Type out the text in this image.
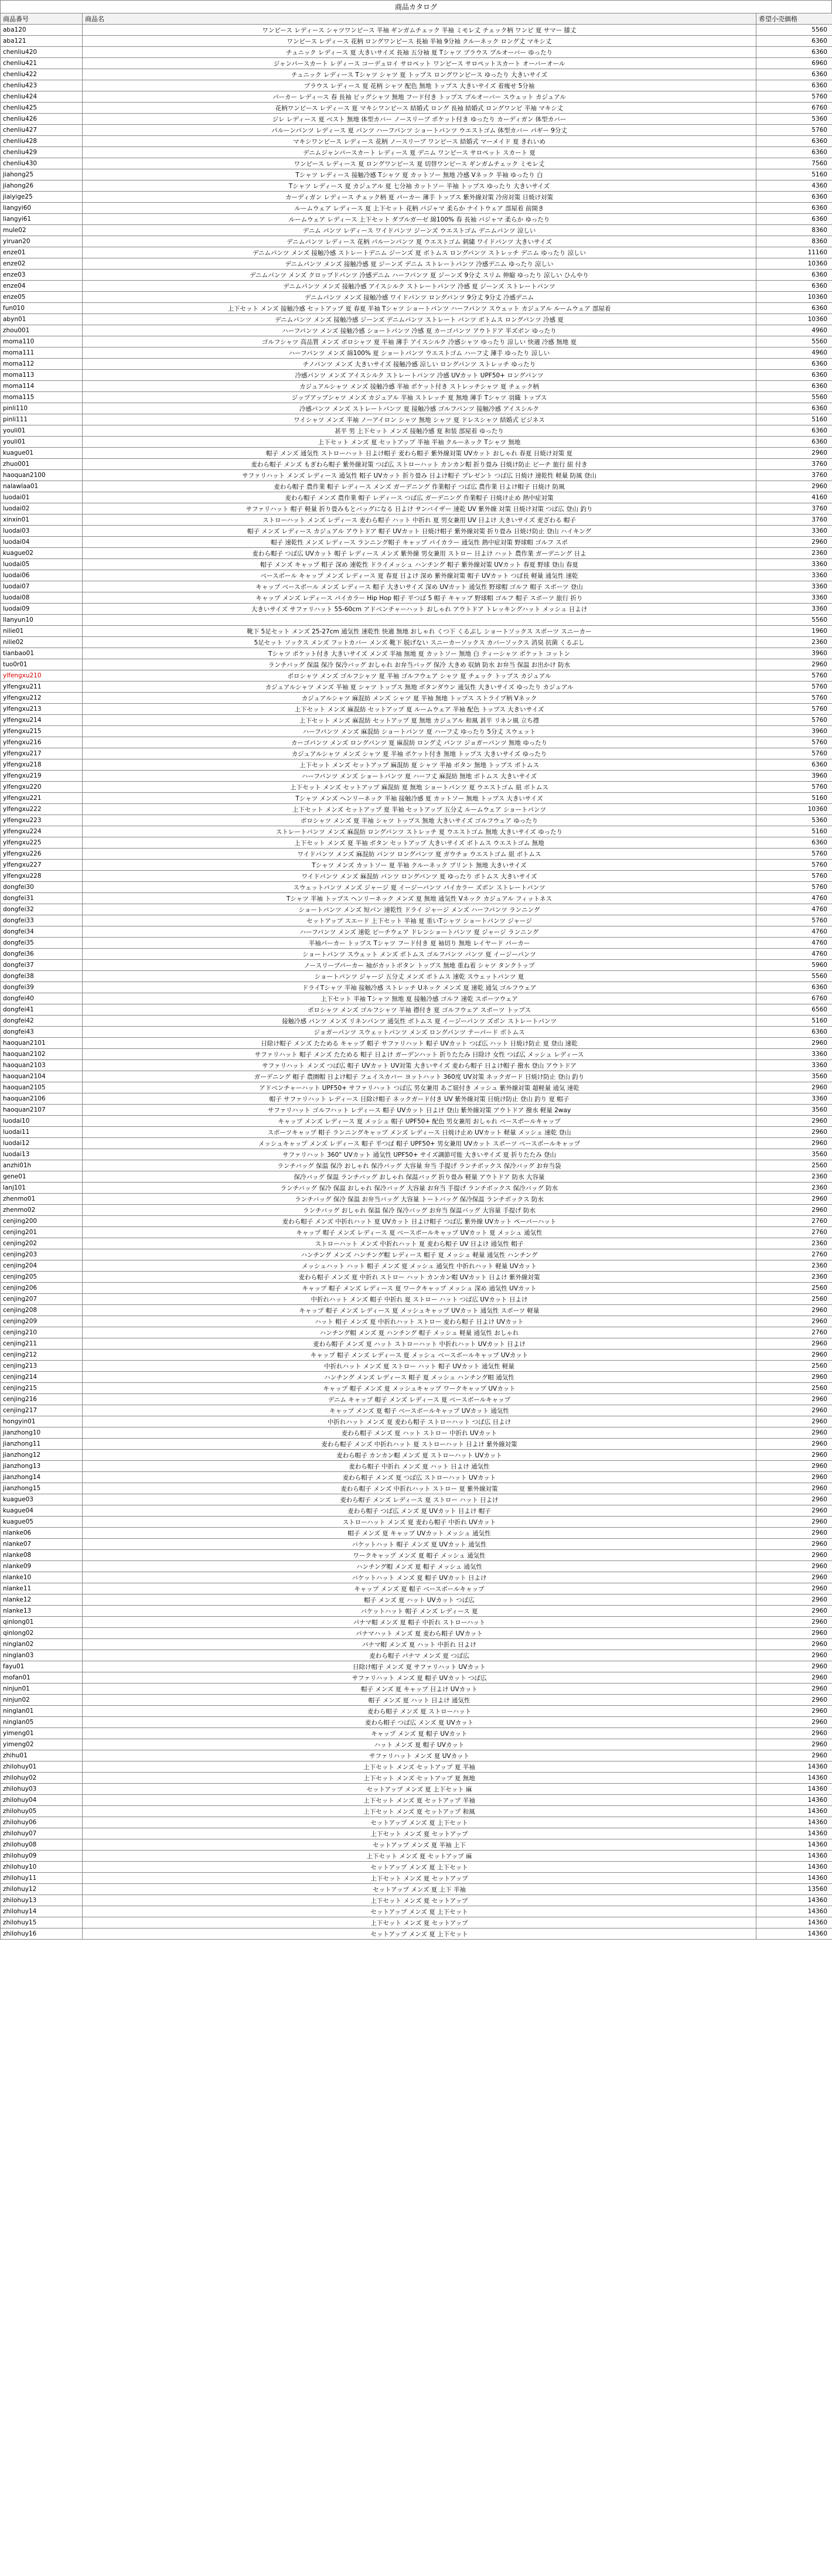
商品カタログ
商品番号	商品名	希望小売価格
aba120	ワンピース レディース シャツワンピース 半袖 ギンガムチェック 半袖 ミモレ丈 チェック柄 ワンピ 夏 サマー 膝丈	5560
aba121	ワンピース レディース 花柄 ロングワンピース 長袖 半袖 9分袖 クルーネック ロング丈 マキシ丈	6360
chenliu420	チュニック レディース 夏 大きいサイズ 長袖 五分袖 夏 Tシャツ ブラウス プルオーバー ゆったり	6360
chenliu421	ジャンパースカート レディース コーデュロイ サロペット ワンピース サロペットスカート オーバーオール	6960
chenliu422	チュニック レディース Tシャツ シャツ 夏 トップス ロングワンピース ゆったり 大きいサイズ	6360
chenliu423	ブラウス レディース 夏 花柄 シャツ 配色 無地 トップス 大きいサイズ 着痩せ 5分袖	6360
chenliu424	パーカー レディース 春 長袖 ビッグシャツ 無地 フード付き トップス プルオーバー スウェット カジュアル	5760
chenliu425	花柄ワンピース レディース 夏 マキシワンピース 結婚式 ロング 長袖 結婚式 ロングワンピ 半袖 マキシ丈	6760
chenliu426	ジレ レディース 夏 ベスト 無地 体型カバー ノースリーブ ポケット付き ゆったり カーディガン 体型カバー	5360
chenliu427	パルーンパンツ レディース 夏 パンツ ハーフパンツ ショートパンツ ウエストゴム 体型カバー パギー 9分丈	5760
chenliu428	マキシワンピース レディース 花柄 ノースリーブ ワンピース 結婚式 マーメイド 夏 きれいめ	6360
chenliu429	デニムジャンパースカート レディース 夏 デニム ワンピース サロペット スカート 夏	6360
chenliu430	ワンピース レディース 夏 ロングワンピース 夏 切替ワンピース ギンガムチェック ミモレ丈	7560
jiahong25	Tシャツ レディース 接触冷感 Tシャツ 夏 カットソー 無地 冷感 Vネック 半袖 ゆったり 白	5160
jiahong26	Tシャツ レディース 夏 カジュアル 夏 七分袖 カットソー 半袖 トップス ゆったり 大きいサイズ	4360
jiaiyige25	カーディガン レディース チェック柄 夏 パーカー 薄手 トップス 紫外線対策 冷房対策 日焼け対策	6360
liangyi60	ルームウェア レディース 夏 上下セット 花柄 パジャマ 柔らか ナイトウェア 部屋着 前開き	6360
liangyi61	ルームウェア レディース 上下セット ダブルガーゼ 綿100% 春 長袖 パジャマ 柔らか ゆったり	6360
mule02	デニム パンツ レディース ワイドパンツ ジーンズ ウエストゴム デニムパンツ 涼しい	8360
yiruan20	デニムパンツ レディース 花柄 パルーンパンツ 夏 ウエストゴム 刺繍 ワイドパンツ 大きいサイズ	8360
enze01	デニムパンツ メンズ 接触冷感 ストレートデニム ジーンズ 夏 ボトムス ロングパンツ ストレッチ デニム ゆったり 涼しい	11160
enze02	デニムパンツ メンズ 接触冷感 夏 ジーンズ デニム ストレートパンツ 冷感デニム ゆったり 涼しい	10360
enze03	デニムパンツ メンズ クロップドパンツ 冷感デニム ハーフパンツ 夏 ジーンズ 9分丈 スリム 伸縮 ゆったり 涼しい ひんやり	6360
enze04	デニムパンツ メンズ 接触冷感 アイスシルク ストレートパンツ 冷感 夏 ジーンズ ストレートパンツ	6360
enze05	デニムパンツ メンズ 接触冷感 ワイドパンツ ロングパンツ 9分丈 9分丈 冷感デニム	10360
fun010	上下セット メンズ 接触冷感 セットアップ 夏 春夏 半袖 Tシャツ ショートパンツ ハーフパンツ スウェット カジュアル ルームウェア 部屋着	6360
abyn01	デニムパンツ メンズ 接触冷感 ジーンズ デニムパンツ ストレート パンツ ボトムス ロングパンツ 冷感 夏	10360
zhou001	ハーフパンツ メンズ 接触冷感 ショートパンツ 冷感 夏 カーゴパンツ アウトドア 半ズボン ゆったり	4960
moma110	ゴルフシャツ 高品質 メンズ ポロシャツ 夏 半袖 薄手 アイスシルク 冷感シャツ ゆったり 涼しい 快適 冷感 無地 夏	5560
moma111	ハーフパンツ メンズ 綿100% 夏 ショートパンツ ウエストゴム ハーフ丈 薄手 ゆったり 涼しい	4960
moma112	チノパンツ メンズ 大きいサイズ 接触冷感 涼しい ロングパンツ ストレッチ ゆったり	6360
moma113	冷感パンツ メンズ アイスシルク ストレートパンツ 冷感 UVカット UPF50+ ロングパンツ	6360
moma114	カジュアルシャツ メンズ 接触冷感 半袖 ポケット付き ストレッチシャツ 夏 チェック柄	6360
moma115	ジップアップシャツ メンズ カジュアル 半袖 ストレッチ 夏 無地 薄手 Tシャツ 羽織 トップス	5560
pinli110	冷感パンツ メンズ ストレートパンツ 夏 接触冷感 ゴルフパンツ 接触冷感 アイスシルク	6360
pinli111	ワイシャツ メンズ 半袖 ノーアイロン シャツ 無地 シャツ 夏 ドレスシャツ 結婚式 ビジネス	5160
youli01	甚平 男 上下セット メンズ 接触冷感 夏 和装 部屋着 ゆったり	6360
youli01	上下セット メンズ 夏 セットアップ 半袖 半袖 クルーネック Tシャツ 無地	6360
kuague01	帽子 メンズ 通気性 ストローハット 日よけ帽子 麦わら帽子 紫外線対策 UVカット おしゃれ 春夏 日焼け対策 夏	2960
zhuo001	麦わら帽子 メンズ もぎわら帽子 紫外線対策 つば広 ストローハット カンカン帽 折り畳み 日焼け防止 ビーチ 旅行 紐 付き	3760
haoquan2100	サファリハット メンズ レディース 通気性 帽子 UVカット 折り畳み 日よけ帽子 プレゼント つば広 日焼け 速乾性 軽量 防風 登山	3760
nalawlaa01	麦わら帽子 農作業 帽子 レディース メンズ ガーデニング 作業帽子 つば広 農作業 日よけ帽子 日焼け 防風	2960
luodai01	麦わら帽子 メンズ 農作業 帽子 レディース つば広 ガーデニング 作業帽子 日焼け止め 熱中症対策	4160
luodai02	サファリハット 帽子 軽量 折り畳みもとバッグになる 日よけ サンバイザー 速乾 UV 紫外線 対策 日焼け対策 つば広 登山 釣り	3760
xinxin01	ストローハット メンズ レディース 麦わら帽子 ハット 中折れ 夏 男女兼用 UV 日よけ 大きいサイズ 麦ざわる 帽子	3760
luodai03	帽子 メンズ レディース カジュアル アウトドア 帽子 UVカット 日焼け帽子 紫外線対策 折り畳み 日焼け防止 登山 ハイキング	3360
luodai04	帽子 速乾性 メンズ レディース ランニング帽子 キャップ パイカラー 通気性 熱中症対策 野球帽 ゴルフ スポ	2960
kuague02	麦わら帽子 つば広 UVカット 帽子 レディース メンズ 紫外線 男女兼用 ストロー 日よけ ハット 農作業 ガーデニング 日よ	2360
luodai05	帽子 メンズ キャップ 帽子 深め 速乾性 ドライメッシュ ハンチング 帽子 紫外線対策 UVカット 春夏 野球 登山 春夏	3360
luodai06	ベースボール キャップ メンズ レディース 夏 春夏 日よけ 深め 紫外線対策 帽子 UVカット つば長 軽量 通気性 速乾	3360
luodai07	キャップ ベースボール メンズ レディース 帽子 大きいサイズ 深め UVカット 通気性 野球帽 ゴルフ 帽子 スポーツ 登山	3360
luodai08	キャップ メンズ レディース パイカラー Hip Hop 帽子 平つば 5 帽子 キャップ 野球帽 ゴルフ 帽子 スポーツ 旅行 折り	3360
luodai09	大きいサイズ サファリハット 55-60cm アドベンチャーハット おしゃれ アウトドア トレッキングハット メッシュ 日よけ	3360
llanyun10		5560
nilie01	靴下 5足セット メンズ 25-27cm 通気性 速乾性 快適 無地 おしゃれ くつ下 くるぶし ショートソックス スポーツ スニーカー	1960
nilie02	5足セット ソックス メンズ フットカバー メンズ 靴下 脱げない スニーカーソックス カバーソックス 消臭 抗菌 くるぶし	2360
tianbao01	Tシャツ ポケット付き 大きいサイズ メンズ 半袖 無地 夏 カットソー 無地 白 ティーシャツ ポケット コットン	3960
tuo0r01	ランチバッグ 保温 保冷 保冷バッグ おしゃれ お弁当バッグ 保冷 大きめ 収納 防水 お弁当 保温 お出かけ 防水	2960
ylfengxu210	ポロシャツ メンズ ゴルフシャツ 夏 半袖 ゴルフウェア シャツ 夏 チェック トップス カジュアル	5760
ylfengxu211	カジュアルシャツ メンズ 半袖 夏 シャツ トップス 無地 ボタンダウン 通気性 大きいサイズ ゆったり カジュアル	5760
ylfengxu212	カジュアルシャツ 麻混紡 メンズ シャツ 夏 半袖 無地 トップス ストライプ柄 Vネック	5760
ylfengxu213	上下セット メンズ 麻混紡 セットアップ 夏 ルームウェア 半袖 配色 トップス 大きいサイズ	5760
ylfengxu214	上下セット メンズ 麻混紡 セットアップ 夏 無地 カジュアル 和風 甚平 リネン風 立ち襟	5760
ylfengxu215	ハーフパンツ メンズ 麻混紡 ショートパンツ 夏 ハーフ丈 ゆったり 5分丈 スウェット	3960
ylfengxu216	カーゴパンツ メンズ ロングパンツ 夏 麻混紡 ロング丈 パンツ ジョガーパンツ 無地 ゆったり	5760
ylfengxu217	カジュアルシャツ メンズ シャツ 夏 半袖 ポケット付き 無地 トップス 大きいサイズ ゆったり	5760
ylfengxu218	上下セット メンズ セットアップ 麻混紡 夏 シャツ 半袖 ボタン 無地 トップス ボトムス	6360
ylfengxu219	ハーフパンツ メンズ ショートパンツ 夏 ハーフ丈 麻混紡 無地 ボトムス 大きいサイズ	3960
ylfengxu220	上下セット メンズ セットアップ 麻混紡 夏 無地 ショートパンツ 夏 ウエストゴム 紐 ボトムス	5760
ylfengxu221	Tシャツ メンズ ヘンリーネック 半袖 接触冷感 夏 カットソー 無地 トップス 大きいサイズ	5160
ylfengxu222	上下セット メンズ セットアップ 夏 半袖 セットアップ 五分丈 ルームウェア ショートパンツ	10360
ylfengxu223	ポロシャツ メンズ 夏 半袖 シャツ トップス 無地 大きいサイズ ゴルフウェア ゆったり	5360
ylfengxu224	ストレートパンツ メンズ 麻混紡 ロングパンツ ストレッチ 夏 ウエストゴム 無地 大きいサイズ ゆったり	5160
ylfengxu225	上下セット メンズ 夏 半袖 ボタン セットアップ 大きいサイズ ボトムス ウエストゴム 無地	6360
ylfengxu226	ワイドパンツ メンズ 麻混紡 パンツ ロングパンツ 夏 ガウチョ ウエストゴム 紐 ボトムス	5760
ylfengxu227	Tシャツ メンズ カットソー 夏 半袖 クルーネック プリント 無地 大きいサイズ	5760
ylfengxu228	ワイドパンツ メンズ 麻混紡 パンツ ロングパンツ 夏 ゆったり ボトムス 大きいサイズ	5760
dongfei30	スウェットパンツ メンズ ジャージ 夏 イージーパンツ パイカラー ズボン ストレートパンツ	5760
dongfei31	Tシャツ 半袖 トップス ヘンリーネック メンズ 夏 無地 通気性 Vネック カジュアル フィットネス	4760
dongfei32	ショートパンツ メンズ 短パン 速乾性 ドライ ジャージ メンズ ハーフパンツ ランニング	4760
dongfei33	セットアップ スエード 上下セット 半袖 夏 重いTシャツ ショートパンツ ジャージ	5760
dongfei34	ハーフパンツ メンズ 速乾 ビーチウェア ドレンショートパンツ 夏 ジャージ ランニング	4760
dongfei35	半袖パーカー トップス Tシャツ フード付き 夏 袖切り 無地 レイヤード パーカー	4760
dongfei36	ショートパンツ スウェット メンズ ボトムス ゴルフパンツ パンツ 夏 イージーパンツ	4760
dongfei37	ノースリーブパーカー 袖がカットボタン トップス 無地 重ね着 シャツ タンクトップ	5960
dongfei38	ショートパンツ ジャージ 五分丈 メンズ ボトムス 速乾 スウェットパンツ 夏	5560
dongfei39	ドライTシャツ 半袖 接触冷感 ストレッチ Uネック メンズ 夏 速乾 通気 ゴルフウェア	6360
dongfei40	上下セット 半袖 Tシャツ 無地 夏 接触冷感 ゴルフ 速乾 スポーツウェア	6760
dongfei41	ポロシャツ メンズ ゴルフシャツ 半袖 襟付き 夏 ゴルフウェア スポーツ トップス	6560
dongfei42	接触冷感 パンツ メンズ リネンパンツ 通気性 ボトムス 夏 イージーパンツ ズボン ストレートパンツ	5160
dongfei43	ジョガーパンツ スウェットパンツ メンズ ロングパンツ テーパード ボトムス	6360
haoquan2101	日除け帽子 メンズ たためる キャップ 帽子 サファリハット 帽子 UVカット つば広 ハット 日焼け防止 夏 登山 速乾	2960
haoquan2102	サファリハット 帽子 メンズ たためる 帽子 日よけ ガーデンハット 折りたたみ 日除け 女性 つば広 メッシュ レディース	3360
haoquan2103	サファリハット メンズ つば広 帽子 UVカット UV対策 大きいサイズ 麦わら帽子 日よけ帽子 撥水 登山 アウトドア	3360
haoquan2104	ガーデニング 帽子 農園帽 日よけ帽子 フェイスカバー ヨットハット 360度 UV対策 ネックガード 日焼け防止 登山 釣り	3560
haoquan2105	アドベンチャーハット UPF50+ サファリハット つば広 男女兼用 あご紐付き メッシュ 紫外線対策 超軽量 通気 速乾	2960
haoquan2106	帽子 サファリハット レディース 日除け帽子 ネックガード付き UV 紫外線対策 日焼け防止 登山 釣り 夏 帽子	3360
haoquan2107	サファリハット ゴルフハット レディース 帽子 UVカット 日よけ 登山 紫外線対策 アウトドア 撥水 軽量 2way	3560
luodai10	キャップ メンズ レディース 夏 メッシュ 帽子 UPF50+ 配色 男女兼用 おしゃれ ベースボールキャップ	2960
luodai11	スポーツキャップ 帽子 ランニングキャップ メンズ レディース 日焼け止め UVカット 軽量 メッシュ 速乾 登山	2960
luodai12	メッシュキャップ メンズ レディース 帽子 平つば 帽子 UPF50+ 男女兼用 UVカット スポーツ ベースボールキャップ	2960
luodai13	サファリハット 360° UVカット 通気性 UPF50+ サイズ調節可能 大きいサイズ 夏 折りたたみ 登山	3560
anzhi01h	ランチバッグ 保温 保冷 おしゃれ 保冷バッグ 大容量 弁当 手提げ ランチボックス 保冷バッグ お弁当袋	2560
gene01	保冷バッグ 保温 ランチバッグ おしゃれ 保温バッグ 折り畳み 軽量 アウトドア 防水 大容量	2360
lanj101	ランチバッグ 保冷 保温 おしゃれ 保冷バッグ 大容量 お弁当 手提げ ランチボックス 保冷バッグ 防水	2360
zhenmo01	ランチバッグ 保冷 保温 お弁当バッグ 大容量 トートバッグ 保冷保温 ランチボックス 防水	2960
zhenmo02	ランチバッグ おしゃれ 保温 保冷 保冷バッグ お弁当 保温バッグ 大容量 手提げ 防水	2960
cenjing200	麦わら帽子 メンズ 中折れハット 夏 UVカット 日よけ帽子 つば広 紫外線 UVカット ペーパーハット	2760
cenjing201	キャップ 帽子 メンズ レディース 夏 ベースボールキャップ UVカット 夏 メッシュ 通気性	2760
cenjing202	ストローハット メンズ 中折れハット 夏 麦わら帽子 UV 日よけ 通気性 帽子	2360
cenjing203	ハンチング メンズ ハンチング帽 レディース 帽子 夏 メッシュ 軽量 通気性 ハンチング	2760
cenjing204	メッシュハット ハット 帽子 メンズ 夏 メッシュ 通気性 中折れハット 軽量 UVカット	2360
cenjing205	麦わら帽子 メンズ 夏 中折れ ストロー ハット カンカン帽 UVカット 日よけ 紫外線対策	2360
cenjing206	キャップ 帽子 メンズ レディース 夏 ワークキャップ メッシュ 深め 通気性 UVカット	2560
cenjing207	中折れハット メンズ 帽子 中折れ 夏 ストロー ハット つば広 UVカット 日よけ	2560
cenjing208	キャップ 帽子 メンズ レディース 夏 メッシュキャップ UVカット 通気性 スポーツ 軽量	2960
cenjing209	ハット 帽子 メンズ 夏 中折れハット ストロー 麦わら帽子 日よけ UVカット	2960
cenjing210	ハンチング帽 メンズ 夏 ハンチング 帽子 メッシュ 軽量 通気性 おしゃれ	2760
cenjing211	麦わら帽子 メンズ 夏 ハット ストローハット 中折れハット UVカット 日よけ	2960
cenjing212	キャップ 帽子 メンズ レディース 夏 メッシュ ベースボールキャップ UVカット	2960
cenjing213	中折れハット メンズ 夏 ストロー ハット 帽子 UVカット 通気性 軽量	2560
cenjing214	ハンチング メンズ レディース 帽子 夏 メッシュ ハンチング帽 通気性	2960
cenjing215	キャップ 帽子 メンズ 夏 メッシュキャップ ワークキャップ UVカット	2560
cenjing216	デニム キャップ 帽子 メンズ レディース 夏 ベースボールキャップ	2960
cenjing217	キャップ メンズ 夏 帽子 ベースボールキャップ UVカット 通気性	2960
hongyin01	中折れハット メンズ 夏 麦わら帽子 ストローハット つば広 日よけ	2960
jianzhong10	麦わら帽子 メンズ 夏 ハット ストロー 中折れ UVカット	2960
jianzhong11	麦わら帽子 メンズ 中折れハット 夏 ストローハット 日よけ 紫外線対策	2960
jianzhong12	麦わら帽子 カンカン帽 メンズ 夏 ストローハット UVカット	2960
jianzhong13	麦わら帽子 中折れ メンズ 夏 ハット 日よけ 通気性	2960
jianzhong14	麦わら帽子 メンズ 夏 つば広 ストローハット UVカット	2960
jianzhong15	麦わら帽子 メンズ 中折れハット ストロー 夏 紫外線対策	2960
kuague03	麦わら帽子 メンズ レディース 夏 ストロー ハット 日よけ	2960
kuague04	麦わら帽子 つば広 メンズ 夏 UVカット 日よけ 帽子	2960
kuague05	ストローハット メンズ 夏 麦わら帽子 中折れ UVカット	2960
nlanke06	帽子 メンズ 夏 キャップ UVカット メッシュ 通気性	2960
nlanke07	バケットハット 帽子 メンズ 夏 UVカット 通気性	2960
nlanke08	ワークキャップ メンズ 夏 帽子 メッシュ 通気性	2960
nlanke09	ハンチング帽 メンズ 夏 帽子 メッシュ 通気性	2960
nlanke10	バケットハット メンズ 夏 帽子 UVカット 日よけ	2960
nlanke11	キャップ メンズ 夏 帽子 ベースボールキャップ	2960
nlanke12	帽子 メンズ 夏 ハット UVカット つば広	2960
nlanke13	バケットハット 帽子 メンズ レディース 夏	2960
qinlong01	パナマ帽 メンズ 夏 帽子 中折れ ストローハット	2960
qinlong02	パナマハット メンズ 夏 麦わら帽子 UVカット	2960
ninglan02	パナマ帽 メンズ 夏 ハット 中折れ 日よけ	2960
ninglan03	麦わら帽子 パナマ メンズ 夏 つば広	2960
fayu01	日除け帽子 メンズ 夏 サファリハット UVカット	2960
mofan01	サファリハット メンズ 夏 帽子 UVカット つば広	2960
ninjun01	帽子 メンズ 夏 キャップ 日よけ UVカット	2960
ninjun02	帽子 メンズ 夏 ハット 日よけ 通気性	2960
ninglan01	麦わら帽子 メンズ 夏 ストローハット	2960
ninglan05	麦わら帽子 つば広 メンズ 夏 UVカット	2960
yimeng01	キャップ メンズ 夏 帽子 UVカット	2960
yimeng02	ハット メンズ 夏 帽子 UVカット	2960
zhihu01	サファリハット メンズ 夏 UVカット	2960
zhilohuy01	上下セット メンズ セットアップ 夏 半袖	14360
zhilohuy02	上下セット メンズ セットアップ 夏 無地	14360
zhilohuy03	セットアップ メンズ 夏 上下セット 麻	14360
zhilohuy04	上下セット メンズ 夏 セットアップ 半袖	14360
zhilohuy05	上下セット メンズ 夏 セットアップ 和風	14360
zhilohuy06	セットアップ メンズ 夏 上下セット	14360
zhilohuy07	上下セット メンズ 夏 セットアップ	14360
zhilohuy08	セットアップ メンズ 夏 半袖 上下	14360
zhilohuy09	上下セット メンズ 夏 セットアップ 麻	14360
zhilohuy10	セットアップ メンズ 夏 上下セット	14360
zhilohuy11	上下セット メンズ 夏 セットアップ	14360
zhilohuy12	セットアップ メンズ 夏 上下 半袖	13560
zhilohuy13	上下セット メンズ 夏 セットアップ	14360
zhilohuy14	セットアップ メンズ 夏 上下セット	14360
zhilohuy15	上下セット メンズ 夏 セットアップ	14360
zhilohuy16	セットアップ メンズ 夏 上下セット	14360
